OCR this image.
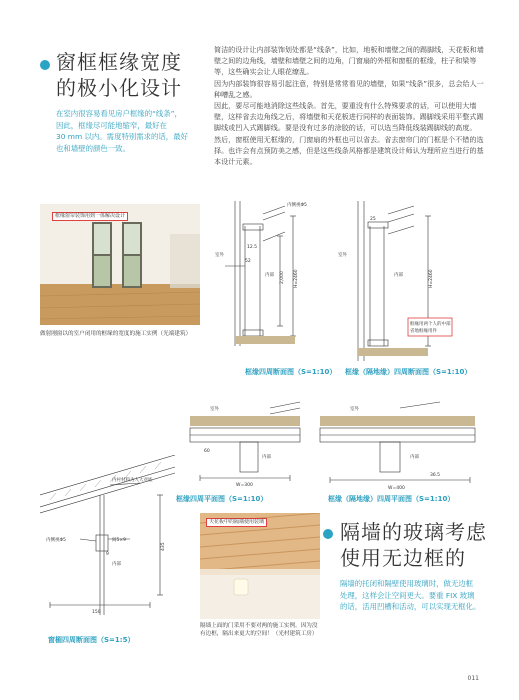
窗框框缘宽度
的极小化设计
在室内很容易看见房户框缘的“线条”，
因此，框缘尽可能地缩窄，最好在
30 mm 以内。需度特别需求的话，最好
也和墙壁的颜色一致。

简洁的设计让内部装饰划处都是“线条”，比如，地板和墙壁之间的踢脚线，天花板和墙壁之间的边角线，墙壁和墙壁之间的边角，门窗扇的外框和窗框的框缘，柱子和梁等等，这些确实会让人眼花缭乱。

因为内部装饰很容易引起注意，特别是常常看见的墙壁，如果“线条”很多，总会给人一种嘈乱之感。

因此，要尽可能地消除这些线条。首先，要重没有什么特殊要求的话，可以使用大墙壁，这样省去边角线之后，将墙壁和天花板进行同样的表面装饰。踢脚线采用平整式踢脚线或凹入式踢脚线。要是没有过多的涂胶的话，可以选当降低线装踢脚线的高度。

然后，窗框使用无框缘的，门窗扇的外框也可以省去。省去窗帘门的门框是个不错的选择。也许会有点预防美之感，但是这些线条风格都是建筑设计师认为理所应当进行的基本设计元素。

框缘窗帘装饰用到一体解决设计
做射刚窗以的室户闭用的框缘的宽度的施工实例（光端建筑）
内侧视Φ5
内部
室外
2,000 H=2460
12.5
52
框缘四周断面图（S=1:10）
框缘用两个人的中部
省地框缘用件
内部
室外
H=2460
25
框缘（隔地缘）四周断面图（S=1:10）
内部
室外
W=300
60
框缘四周平面图（S=1:10）
内部
室外
W=400
36.5
框缘（隔地缘）四周平面图（S=1:10）
内衬材料为人大对底
内侧视Φ5	间5×9
内部
150
435
9
窗楣四周断面图（S=1:5）
天花板中的隔墙使用装璃
隔墙上面的门采用不要对两的施工实例。因为没有边框，隔出来更大的空间！（光村建筑工房）
隔墙的玻璃考虑
使用无边框的
隔墙的托闭和隔壁使用玻璃时，做无边框
处理，这样会让空间更大。要重 FIX 玻璃
的话，活用凹槽和活动，可以实现无框化。
011
